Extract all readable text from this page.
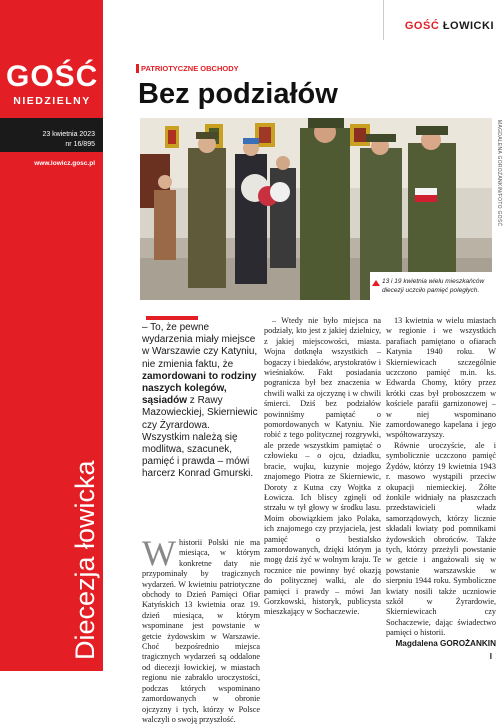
GOŚĆ
NIEDZIELNY
23 kwietnia 2023
nr 16/895
www.lowicz.gosc.pl
Diecezja łowicka
GOŚĆ ŁOWICKI
PATRIOTYCZNE OBCHODY
Bez podziałów
MAGDALENA GOROŻANKIN/FOTO GOŚĆ
13 i 19 kwietnia wielu mieszkańców diecezji uczciło pamięć poległych.
– To, że pewne wydarzenia miały miejsce w Warszawie czy Katyniu, nie zmienia faktu, że zamordowani to rodziny naszych kolegów, sąsiadów z Rawy Mazowieckiej, Skierniewic czy Żyrardowa. Wszystkim należą się modlitwa, szacunek, pamięć i prawda – mówi harcerz Konrad Gmurski.
Whistorii Polski nie ma miesiąca, w którym konkretne daty nie przypominały by tragicznych wydarzeń. W kwietniu patriotyczne obchody to Dzień Pamięci Ofiar Katyńskich 13 kwietnia oraz 19. dzień miesiąca, w którym wspominane jest powstanie w getcie żydowskim w Warszawie. Choć bezpośrednio miejsca tragicznych wydarzeń są oddalone od diecezji łowickiej, w miastach regionu nie zabrakło uroczystości, podczas których wspominano zamordowanych w obronie ojczyzny i tych, którzy w Polsce walczyli o swoją przyszłość.

– Wtedy nie było miejsca na podziały, kto jest z jakiej dzielnicy, z jakiej miejscowości, miasta. Wojna dotknęła wszystkich – bogaczy i biedaków, arystokratów i wieśniaków. Fakt posiadania pogranicza był bez znaczenia w chwili walki za ojczyznę i w chwili śmierci. Dziś bez podziałów powinniśmy pamiętać o pomordowanych w Katyniu. Nie robić z tego politycznej rozgrywki, ale przede wszystkim pamiętać o człowieku – o ojcu, dziadku, bracie, wujku, kuzynie mojego znajomego Piotra ze Skierniewic, Doroty z Kutna czy Wojtka z Łowicza. Ich bliscy zginęli od strzału w tył głowy w środku lasu. Moim obowiązkiem jako Polaka, ich znajomego czy przyjaciela, jest pamięć o bestialsko zamordowanych, dzięki którym ja mogę dziś żyć w wolnym kraju. Te rocznice nie powinny być okazją do politycznej walki, ale do pamięci i prawdy – mówi Jan Gorzkowski, historyk, publicysta mieszkający w Sochaczewie.

13 kwietnia w wielu miastach w regionie i we wszystkich parafiach pamiętano o ofiarach Katynia 1940 roku. W Skierniewicach szczególnie uczczono pamięć m.in. ks. Edwarda Chomy, który przez krótki czas był proboszczem w kościele parafii garnizonowej – w niej wspominano zamordowanego kapelana i jego współtowarzyszy.

Równie uroczyście, ale i symbolicznie uczczono pamięć Żydów, którzy 19 kwietnia 1943 r. masowo wystąpili przeciw okupacji niemieckiej. Żółte żonkile widniały na płaszczach przedstawicieli władz samorządowych, którzy licznie składali kwiaty pod pomnikami żydowskich obrońców. Także tych, którzy przeżyli powstanie w getcie i angażowali się w powstanie warszawskie w sierpniu 1944 roku. Symboliczne kwiaty nosili także uczniowie szkół w Żyrardowie, Skierniewicach czy Sochaczewie, dając świadectwo pamięci o historii.

Magdalena GOROŻANKIN
I
